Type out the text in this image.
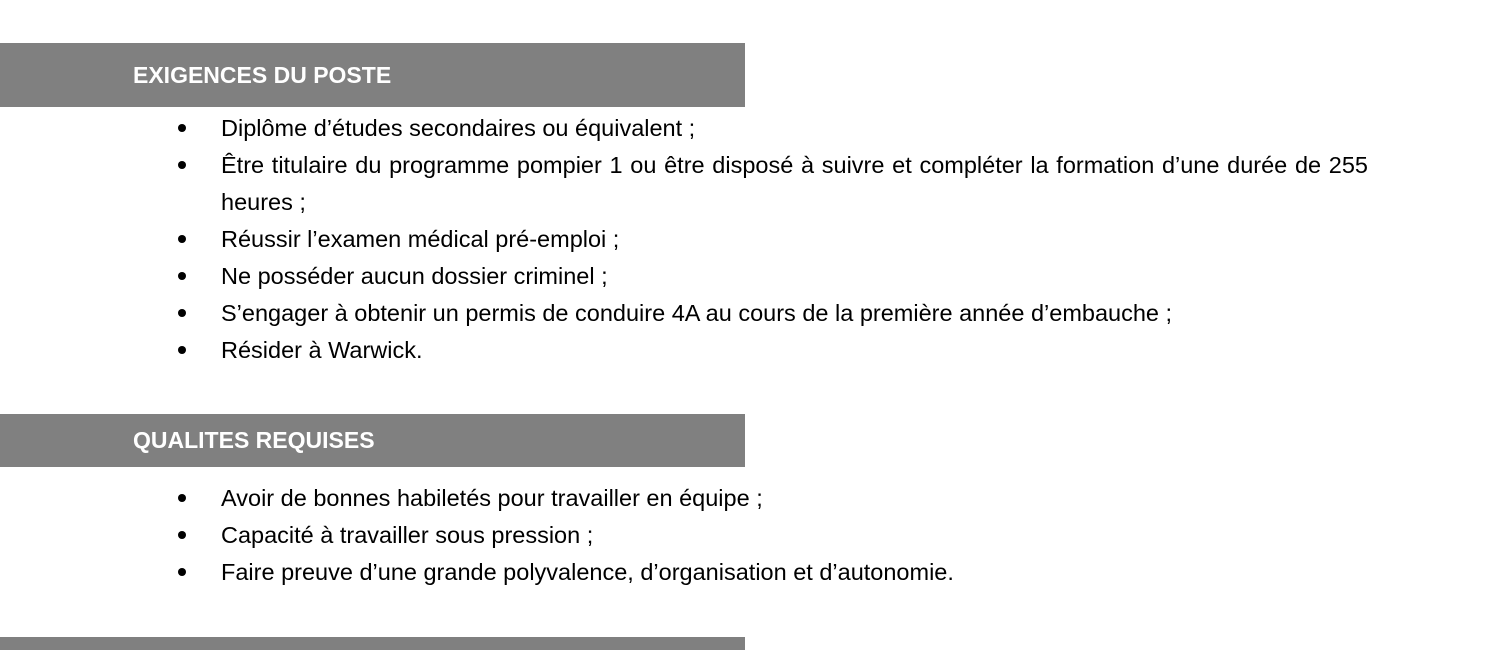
EXIGENCES DU POSTE
Diplôme d’études secondaires ou équivalent ;
Être titulaire du programme pompier 1 ou être disposé à suivre et compléter la formation d’une durée de 255 heures ;
Réussir l’examen médical pré-emploi ;
Ne posséder aucun dossier criminel ;
S’engager à obtenir un permis de conduire 4A au cours de la première année d’embauche ;
Résider à Warwick.
QUALITES REQUISES
Avoir de bonnes habiletés pour travailler en équipe ;
Capacité à travailler sous pression ;
Faire preuve d’une grande polyvalence, d’organisation et d’autonomie.
